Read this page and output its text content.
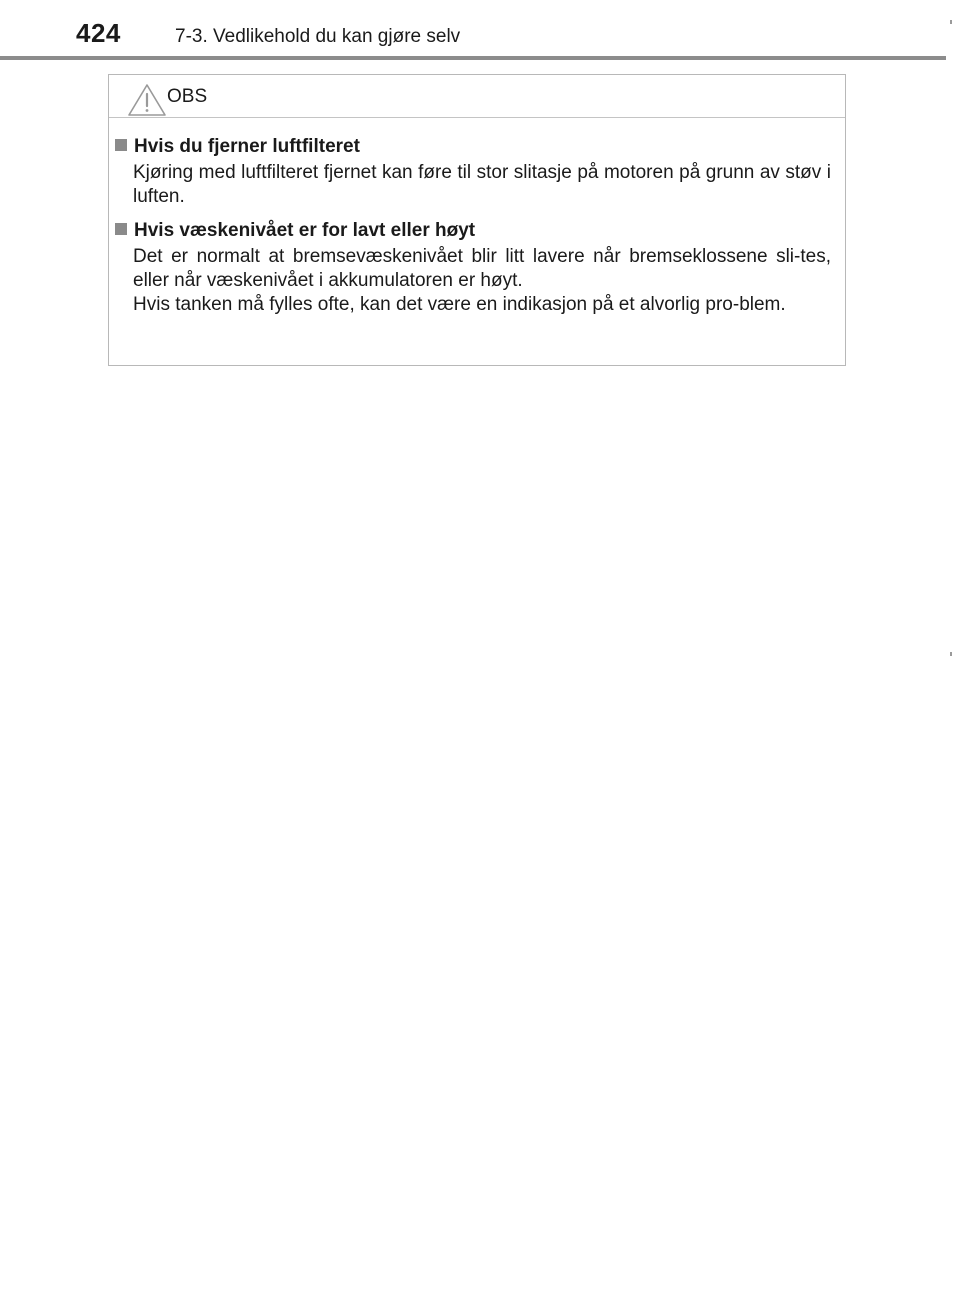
424	7-3. Vedlikehold du kan gjøre selv
OBS
Hvis du fjerner luftfilteret

Kjøring med luftfilteret fjernet kan føre til stor slitasje på motoren på grunn av støv i luften.

Hvis væskenivået er for lavt eller høyt

Det er normalt at bremsevæskenivået blir litt lavere når bremseklossene sli-tes, eller når væskenivået i akkumulatoren er høyt.

Hvis tanken må fylles ofte, kan det være en indikasjon på et alvorlig pro-blem.
